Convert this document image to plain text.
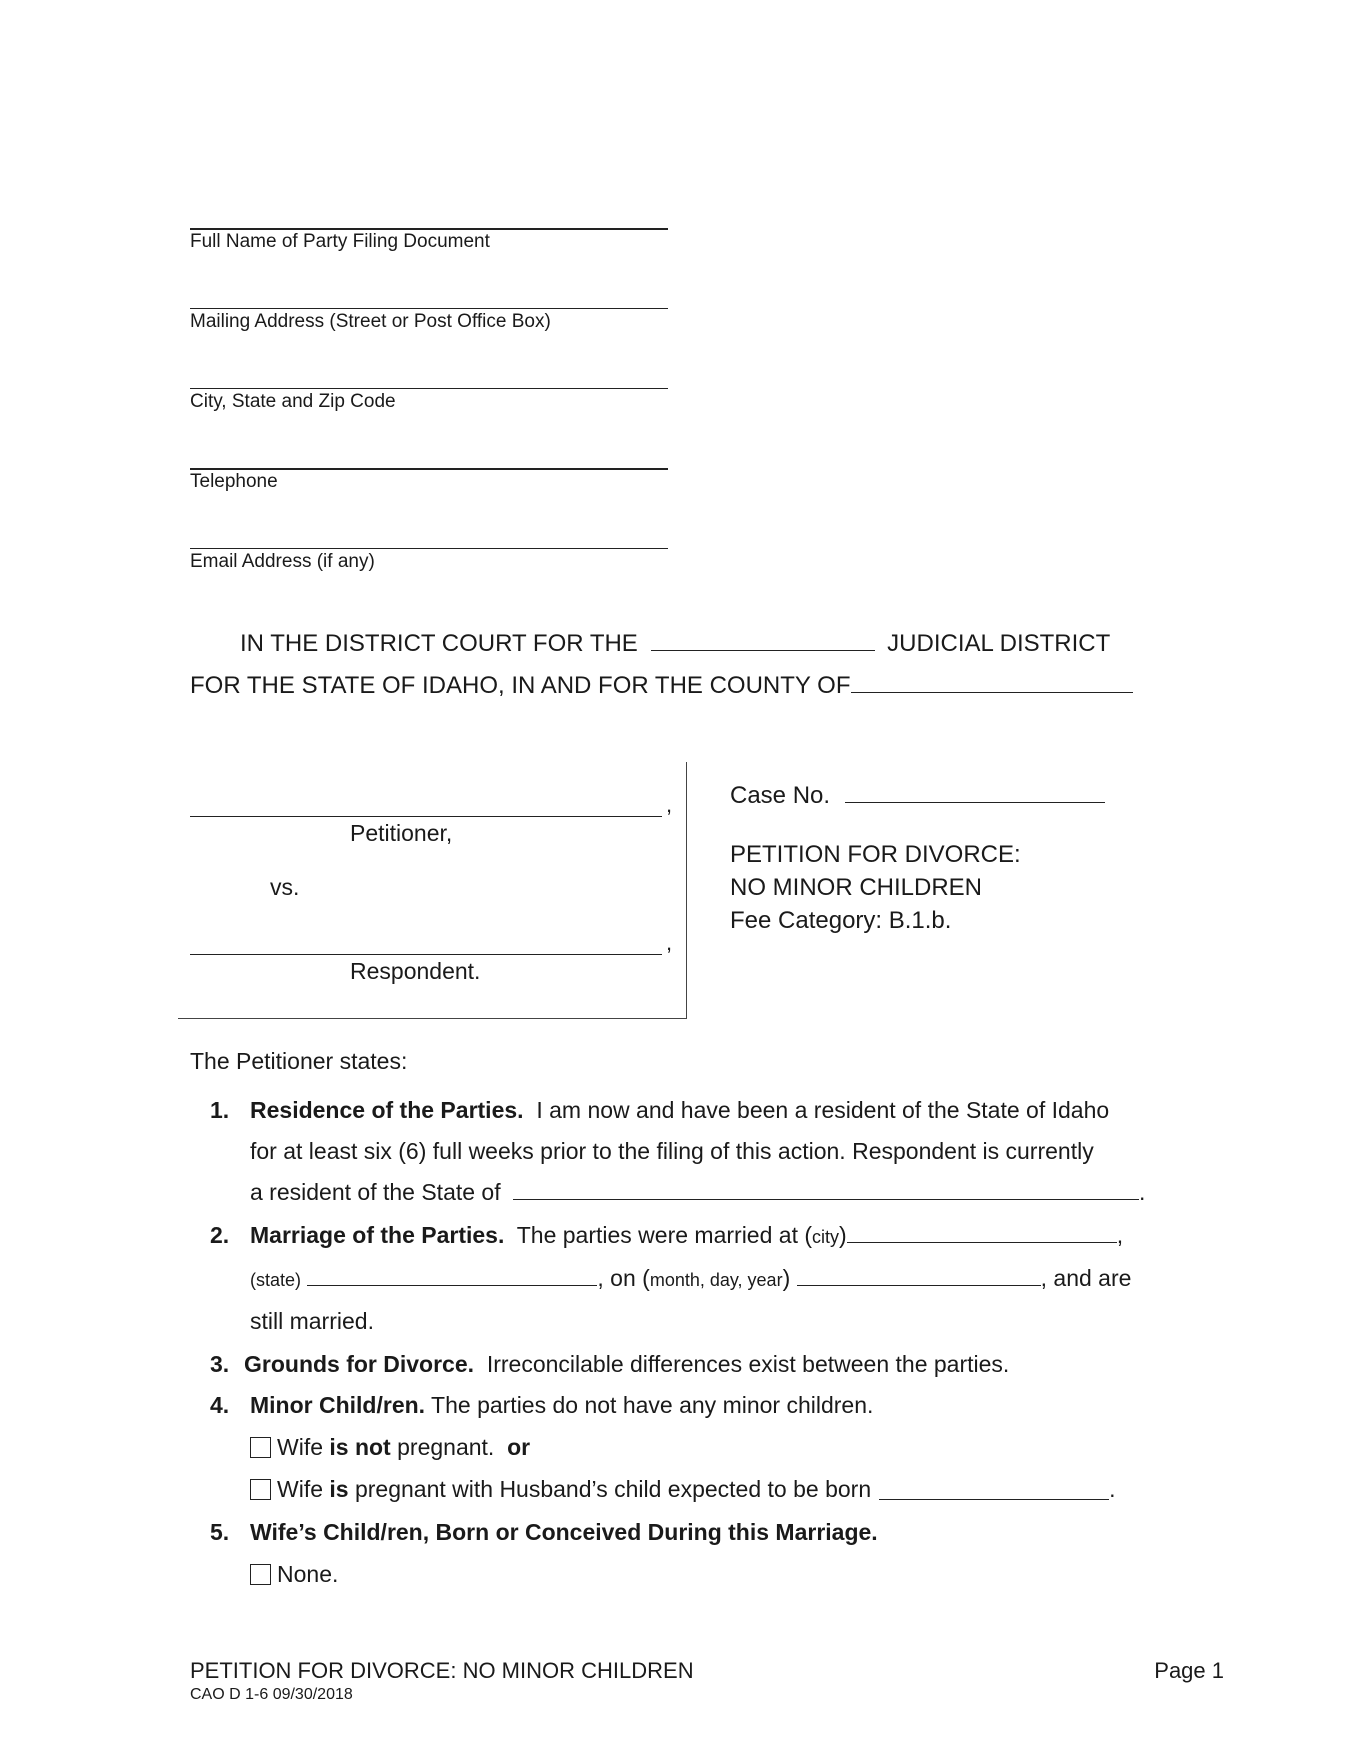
Full Name of Party Filing Document
Mailing Address (Street or Post Office Box)
City, State and Zip Code
Telephone
Email Address (if any)
IN THE DISTRICT COURT FOR THE	JUDICIAL DISTRICT
FOR THE STATE OF IDAHO, IN AND FOR THE COUNTY OF
,
Petitioner,
vs.
,
Respondent.
Case No.
PETITION FOR DIVORCE:
NO MINOR CHILDREN
Fee Category: B.1.b.
The Petitioner states:
1. Residence of the Parties. I am now and have been a resident of the State of Idaho
for at least six (6) full weeks prior to the filing of this action. Respondent is currently
a resident of the State of	.
2. Marriage of the Parties. The parties were married at (city)	,
(state)	, on (month, day, year)	, and are
still married.
3. Grounds for Divorce. Irreconcilable differences exist between the parties.
4. Minor Child/ren. The parties do not have any minor children.
Wife
is not
pregnant.
or
Wife
is
pregnant with Husband’s child expected to be born	.
5. Wife’s Child/ren, Born or Conceived During this Marriage.
None.
PETITION FOR DIVORCE: NO MINOR CHILDREN
CAO D 1-6 09/30/2018
Page 1
